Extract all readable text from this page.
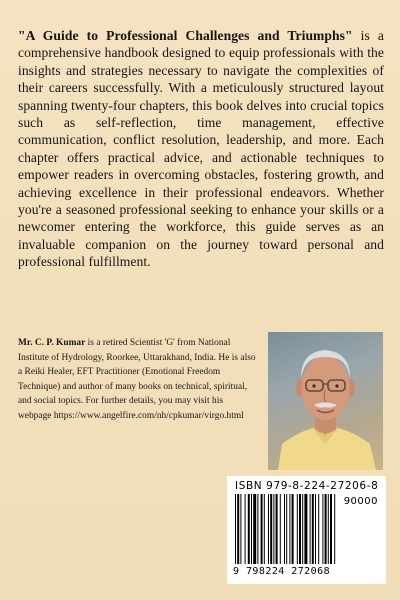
"A Guide to Professional Challenges and Triumphs" is a comprehensive handbook designed to equip professionals with the insights and strategies necessary to navigate the complexities of their careers successfully. With a meticulously structured layout spanning twenty-four chapters, this book delves into crucial topics such as self-reflection, time management, effective communication, conflict resolution, leadership, and more. Each chapter offers practical advice, and actionable techniques to empower readers in overcoming obstacles, fostering growth, and achieving excellence in their professional endeavors. Whether you're a seasoned professional seeking to enhance your skills or a newcomer entering the workforce, this guide serves as an invaluable companion on the journey toward personal and professional fulfillment.

Mr. C. P. Kumar is a retired Scientist 'G' from National Institute of Hydrology, Roorkee, Uttarakhand, India. He is also a Reiki Healer, EFT Practitioner (Emotional Freedom Technique) and author of many books on technical, spiritual, and social topics. For further details, you may visit his webpage https://www.angelfire.com/nh/cpkumar/virgo.html

ISBN 979-8-224-27206-8
90000
9 798224 272068
